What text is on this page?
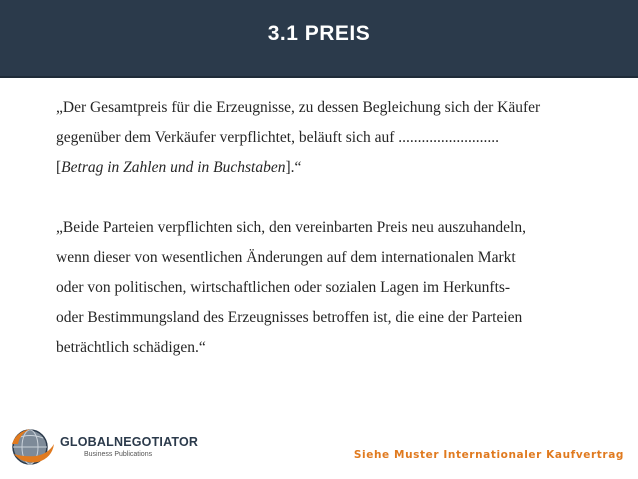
3.1 PREIS

„Der Gesamtpreis für die Erzeugnisse, zu dessen Begleichung sich der Käufer
gegenüber dem Verkäufer verpflichtet, beläuft sich auf ..........................
[Betrag in Zahlen und in Buchstaben].“

„Beide Parteien verpflichten sich, den vereinbarten Preis neu auszuhandeln,
wenn dieser von wesentlichen Änderungen auf dem internationalen Markt
oder von politischen, wirtschaftlichen oder sozialen Lagen im Herkunfts-
oder Bestimmungsland des Erzeugnisses betroffen ist, die eine der Parteien
beträchtlich schädigen.“

GLOBALNEGOTIATOR
Business Publications	Siehe Muster Internationaler Kaufvertrag
